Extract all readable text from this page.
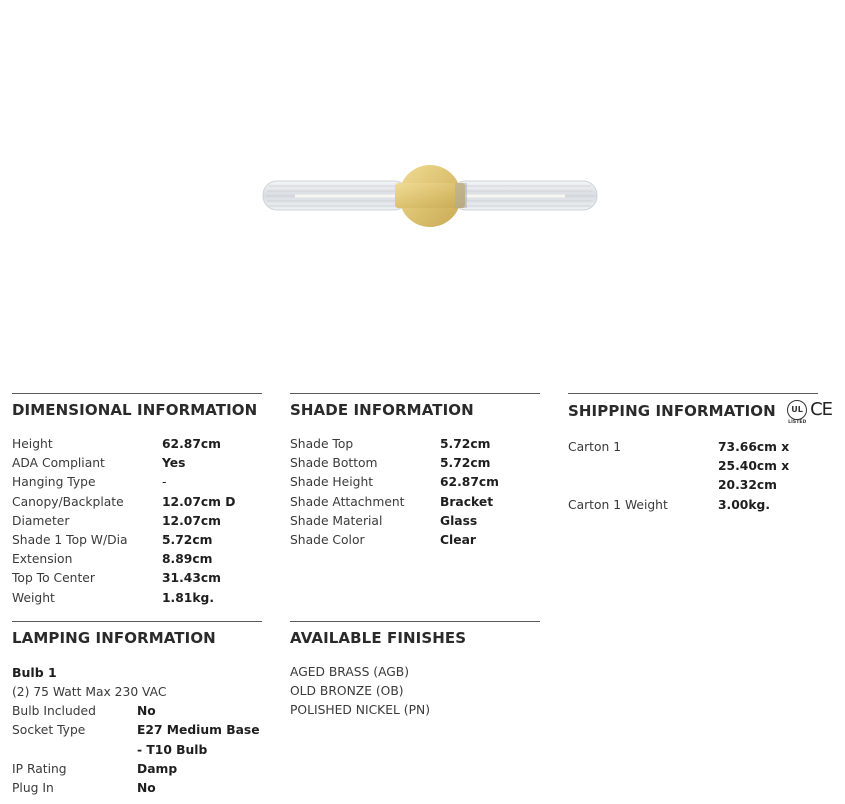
DIMENSIONAL INFORMATION
Height	62.87cm
ADA Compliant	Yes
Hanging Type	-
Canopy/Backplate	12.07cm D
Diameter	12.07cm
Shade 1 Top W/Dia	5.72cm
Extension	8.89cm
Top To Center	31.43cm
Weight	1.81kg.
SHADE INFORMATION
Shade Top	5.72cm
Shade Bottom	5.72cm
Shade Height	62.87cm
Shade Attachment	Bracket
Shade Material	Glass
Shade Color	Clear
SHIPPING INFORMATION UL
LISTED
CE
Carton 1	73.66cm x 25.40cm x 20.32cm
Carton 1 Weight	3.00kg.
LAMPING INFORMATION
Bulb 1
(2) 75 Watt Max 230 VAC
Bulb Included	No
Socket Type	E27 Medium Base - T10 Bulb
IP Rating	Damp
Plug In	No
AVAILABLE FINISHES
AGED BRASS (AGB)
OLD BRONZE (OB)
POLISHED NICKEL (PN)
